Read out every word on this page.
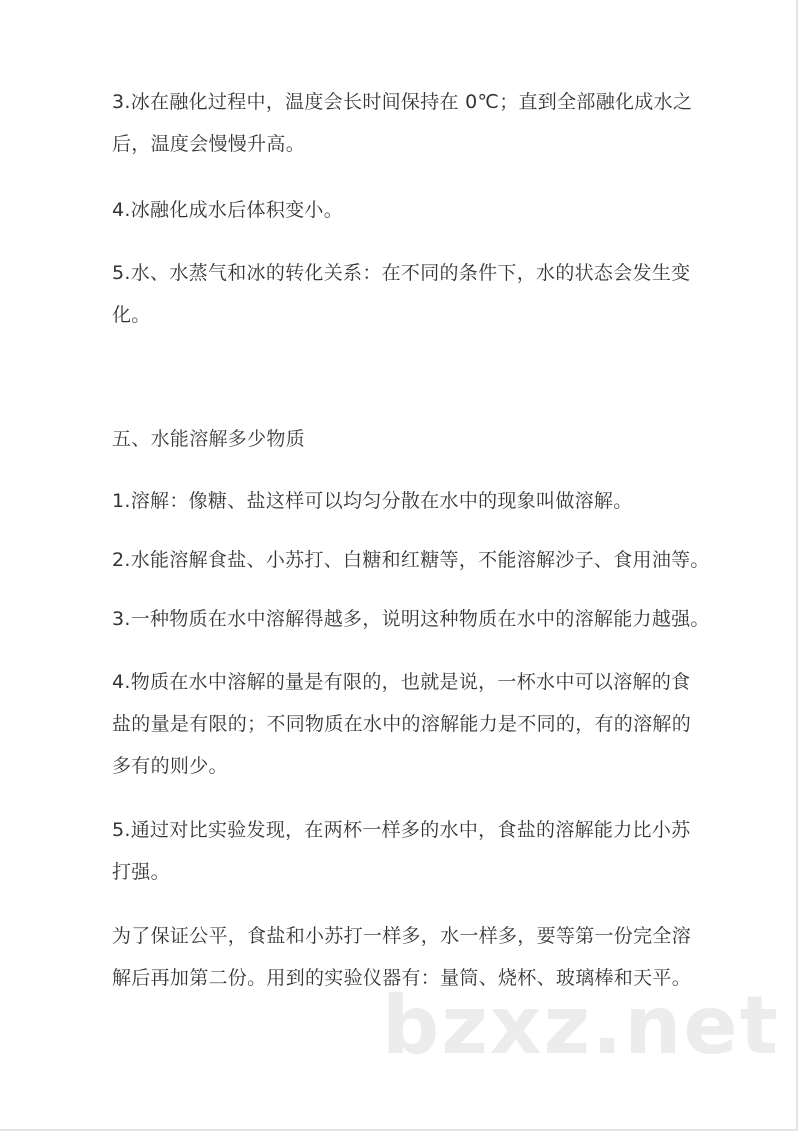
3.冰在融化过程中，温度会长时间保持在 0℃；直到全部融化成水之
后，温度会慢慢升高。

4.冰融化成水后体积变小。

5.水、水蒸气和冰的转化关系：在不同的条件下，水的状态会发生变
化。

五、水能溶解多少物质

1.溶解：像糖、盐这样可以均匀分散在水中的现象叫做溶解。

2.水能溶解食盐、小苏打、白糖和红糖等，不能溶解沙子、食用油等。

3.一种物质在水中溶解得越多，说明这种物质在水中的溶解能力越强。

4.物质在水中溶解的量是有限的，也就是说，一杯水中可以溶解的食
盐的量是有限的；不同物质在水中的溶解能力是不同的，有的溶解的
多有的则少。

5.通过对比实验发现，在两杯一样多的水中，食盐的溶解能力比小苏
打强。

为了保证公平，食盐和小苏打一样多，水一样多，要等第一份完全溶
解后再加第二份。用到的实验仪器有：量筒、烧杯、玻璃棒和天平。

bzxz.net
